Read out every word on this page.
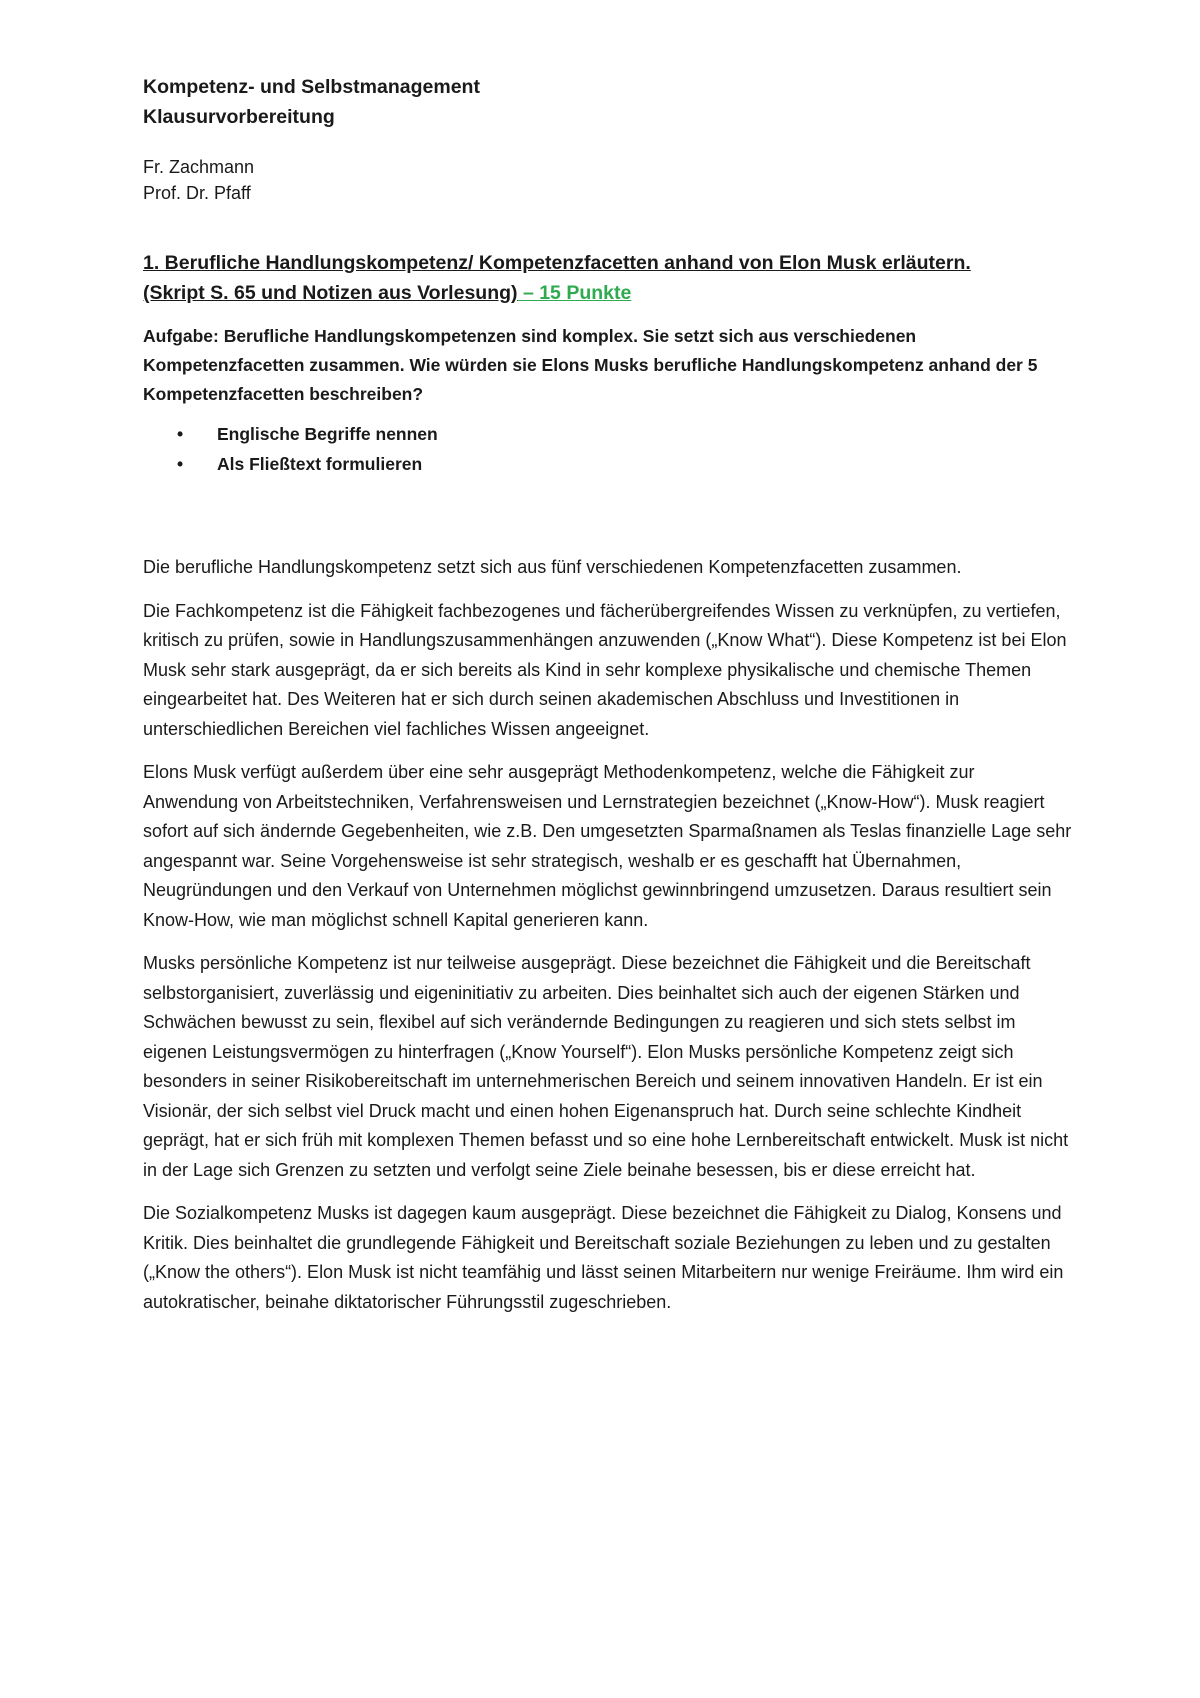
Kompetenz- und Selbstmanagement
Klausurvorbereitung
Fr. Zachmann
Prof. Dr. Pfaff
1. Berufliche Handlungskompetenz/ Kompetenzfacetten anhand von Elon Musk erläutern.
(Skript S. 65 und Notizen aus Vorlesung) – 15 Punkte
Aufgabe: Berufliche Handlungskompetenzen sind komplex. Sie setzt sich aus verschiedenen Kompetenzfacetten zusammen. Wie würden sie Elons Musks berufliche Handlungskompetenz anhand der 5 Kompetenzfacetten beschreiben?
• Englische Begriffe nennen
• Als Fließtext formulieren

Die berufliche Handlungskompetenz setzt sich aus fünf verschiedenen Kompetenzfacetten zusammen.

Die Fachkompetenz ist die Fähigkeit fachbezogenes und fächerübergreifendes Wissen zu verknüpfen, zu vertiefen, kritisch zu prüfen, sowie in Handlungszusammenhängen anzuwenden („Know What“). Diese Kompetenz ist bei Elon Musk sehr stark ausgeprägt, da er sich bereits als Kind in sehr komplexe physikalische und chemische Themen eingearbeitet hat. Des Weiteren hat er sich durch seinen akademischen Abschluss und Investitionen in unterschiedlichen Bereichen viel fachliches Wissen angeeignet.

Elons Musk verfügt außerdem über eine sehr ausgeprägt Methodenkompetenz, welche die Fähigkeit zur Anwendung von Arbeitstechniken, Verfahrensweisen und Lernstrategien bezeichnet („Know-How“). Musk reagiert sofort auf sich ändernde Gegebenheiten, wie z.B. Den umgesetzten Sparmaßnamen als Teslas finanzielle Lage sehr angespannt war. Seine Vorgehensweise ist sehr strategisch, weshalb er es geschafft hat Übernahmen, Neugründungen und den Verkauf von Unternehmen möglichst gewinnbringend umzusetzen. Daraus resultiert sein Know-How, wie man möglichst schnell Kapital generieren kann.

Musks persönliche Kompetenz ist nur teilweise ausgeprägt. Diese bezeichnet die Fähigkeit und die Bereitschaft selbstorganisiert, zuverlässig und eigeninitiativ zu arbeiten. Dies beinhaltet sich auch der eigenen Stärken und Schwächen bewusst zu sein, flexibel auf sich verändernde Bedingungen zu reagieren und sich stets selbst im eigenen Leistungsvermögen zu hinterfragen („Know Yourself“). Elon Musks persönliche Kompetenz zeigt sich besonders in seiner Risikobereitschaft im unternehmerischen Bereich und seinem innovativen Handeln. Er ist ein Visionär, der sich selbst viel Druck macht und einen hohen Eigenanspruch hat. Durch seine schlechte Kindheit geprägt, hat er sich früh mit komplexen Themen befasst und so eine hohe Lernbereitschaft entwickelt. Musk ist nicht in der Lage sich Grenzen zu setzten und verfolgt seine Ziele beinahe besessen, bis er diese erreicht hat.

Die Sozialkompetenz Musks ist dagegen kaum ausgeprägt. Diese bezeichnet die Fähigkeit zu Dialog, Konsens und Kritik. Dies beinhaltet die grundlegende Fähigkeit und Bereitschaft soziale Beziehungen zu leben und zu gestalten („Know the others“). Elon Musk ist nicht teamfähig und lässt seinen Mitarbeitern nur wenige Freiräume. Ihm wird ein autokratischer, beinahe diktatorischer Führungsstil zugeschrieben.
